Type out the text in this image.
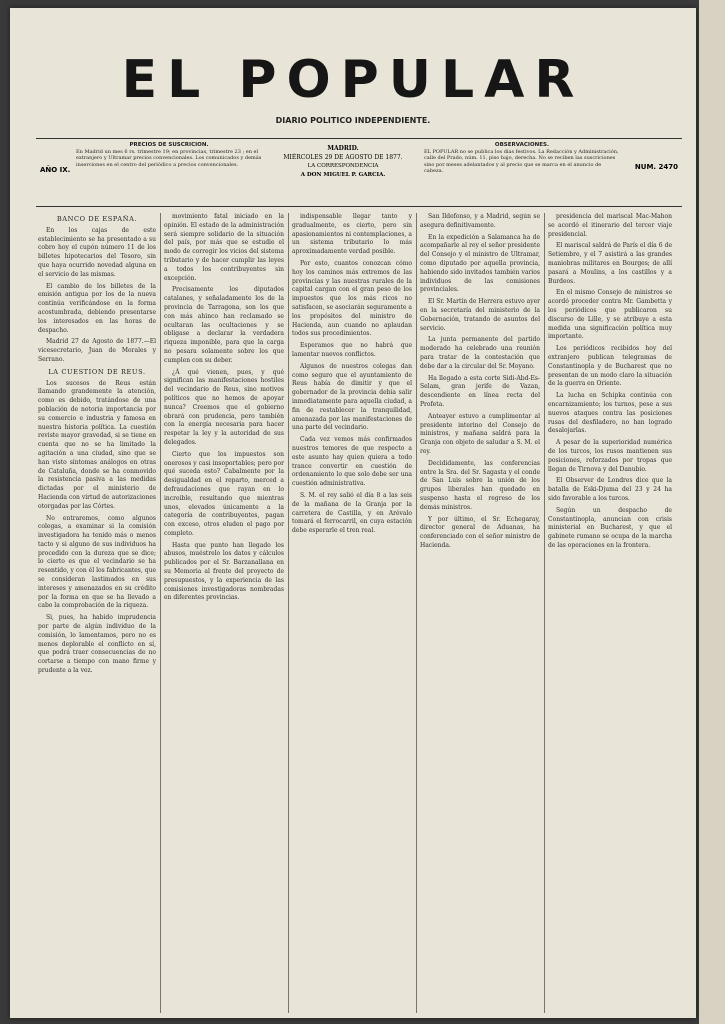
EL POPULAR
DIARIO POLITICO INDEPENDIENTE.
AÑO IX.	NUM. 2470
PRECIOS DE SUSCRICION.
En Madrid un mes 6 rs. trimestre 19; en provincias, trimestre 23 ; en el extranjero y Ultramar precios convencionales. Los comunicados y demás inserciones en el centro del periódico a precios convencionales.
MADRID.
MIÉRCOLES 29 DE AGOSTO DE 1877.
LA CORRESPONDENCIA
A DON MIGUEL P. GARCIA.
OBSERVACIONES.
EL POPULAR no se publica los días festivos. La Redacción y Administración, calle del Prado, núm. 11, piso bajo, derecha. No se reciben las suscriciones sino por meses adelantados y al precio que se marca en el anuncio de cabeza.
BANCO DE ESPAÑA.

En los cajas de este establecimiento se ha presentado a su cobro hoy el cupón número 11 de los billetes hipotecarios del Tesoro, sin que haya ocurrido novedad alguna en el servicio de las mismas.

El cambio de los billetes de la emisión antigua por los de la nueva continúa verificándose en la forma acostumbrada, debiendo presentarse los interesados en las horas de despacho.

Madrid 27 de Agosto de 1877.—El vicesecretario, Juan de Morales y Serrano.

LA CUESTION DE REUS.

Los sucesos de Reus están llamando grandemente la atención, como es debido, tratándose de una población de notoria importancia por su comercio e industria y famosa en nuestra historia política. La cuestión reviste mayor gravedad, si se tiene en cuenta que no se ha limitado la agitación a una ciudad, sino que se han visto síntomas análogos en otras de Cataluña, donde se ha conmovido la resistencia pasiva a las medidas dictadas por el ministerio de Hacienda con virtud de autorizaciones otorgadas por las Córtes.

No entraremos, como algunos colegas, a examinar si la comisión investigadora ha tenido más o menos tacto y si alguno de sus individuos ha procedido con la dureza que se dice; lo cierto es que el vecindario se ha resentido, y con él los fabricantes, que se consideran lastimados en sus intereses y amenazados en su crédito por la forma en que se ha llevado a cabo la comprobación de la riqueza.

Si, pues, ha habido imprudencia por parte de algún individuo de la comisión, lo lamentamos, pero no es menos deplorable el conflicto en sí, que podrá traer consecuencias de no cortarse a tiempo con mano firme y prudente a la vez.

movimiento fatal iniciado en la opinión. El estado de la administración será siempre solidario de la situación del país, por más que se estudie el modo de corregir los vicios del sistema tributario y de hacer cumplir las leyes a todos los contribuyentes sin excepción.

Precisamente los diputados catalanes, y señaladamente los de la provincia de Tarragona, son los que con más ahinco han reclamado se ocultaran las ocultaciones y se obligase a declarar la verdadera riqueza imponible, para que la carga no pesara solamente sobre los que cumplen con su deber.

¿Á qué vienen, pues, y qué significan las manifestaciones hostiles del vecindario de Reus, sino motivos políticos que no hemos de apoyar nunca? Creemos que el gobierno obrará con prudencia, pero también con la energía necesaria para hacer respetar la ley y la autoridad de sus delegados.

Cierto que los impuestos son onerosos y casi insoportables; pero por qué suceda esto? Cabalmente por la desigualdad en el reparto, merced a defraudaciones que rayan en lo increible, resultando que mientras unos, elevados únicamente a la categoría de contribuyentes, pagan con exceso, otros eluden el pago por completo.

Hasta que punto han llegado los abusos, muéstrelo los datos y cálculos publicados por el Sr. Barzanallana en su Memoria al frente del proyecto de presupuestos, y la experiencia de las comisiones investigadoras nombradas en diferentes provincias.

indispensable llegar tanto y gradualmente, es cierto, pero sin apasionamientos ni contemplaciones, a un sistema tributario lo más aproximadamente verdad posible.

Por esto, cuantos conozcan cómo hoy los caminos más extremos de las provincias y las nuestras rurales de la capital cargan con el gran peso de los impuestos que los más ricos no satisfacen, se asociarán seguramente a los propósitos del ministro de Hacienda, aun cuando no aplaudan todos sus procedimientos.

Esperamos que no habrá que lamentar nuevos conflictos.

Algunos de nuestros colegas dan como seguro que el ayuntamiento de Reus había de dimitir y que el gobernador de la provincia debía salir inmediatamente para aquella ciudad, a fin de restablecer la tranquilidad, amenazada por las manifestaciones de una parte del vecindario.

Cada vez vemos más confirmados nuestros temores de que respecto a este asunto hay quien quiera a todo trance convertir en cuestión de ordenamiento lo que solo debe ser una cuestión administrativa.

S. M. el rey salió el día 8 a las seis de la mañana de la Granja por la carretera de Castilla, y en Arévalo tomará el ferrocarril, en cuya estación debe esperarle el tren real.

San Ildefonso, y a Madrid, según se asegura definitivamente.

En la expedición a Salamanca ha de acompañarle al rey el señor presidente del Consejo y el ministro de Ultramar, como diputado por aquella provincia, habiendo sido invitados también varios individuos de las comisiones provinciales.

El Sr. Martín de Herrera estuvo ayer en la secretaría del ministerio de la Gobernación, tratando de asuntos del servicio.

La junta permanente del partido moderado ha celebrado una reunión para tratar de la contestación que debe dar a la circular del Sr. Moyano.

Ha llegado a esta corte Sidi-Abd-Es-Selam, gran jerife de Vazan, descendiente en línea recta del Profeta.

Anteayer estuvo a cumplimentar al presidente interino del Consejo de ministros, y mañana saldrá para la Granja con objeto de saludar a S. M. el rey.

Decididamente, las conferencias entre la Sra. del Sr. Sagasta y el conde de San Luis sobre la unión de los grupos liberales han quedado en suspenso hasta el regreso de los demás ministros.

Y por último, el Sr. Echegaray, director general de Aduanas, ha conferenciado con el señor ministro de Hacienda.

presidencia del mariscal Mac-Mahon se acordó el itinerario del tercer viaje presidencial.

El mariscal saldrá de París el día 6 de Setiembre, y el 7 asistirá a las grandes maniobras militares en Bourges; de allí pasará a Moulins, a los castillos y a Burdeos.

En el mismo Consejo de ministros se acordó proceder contra Mr. Gambetta y los periódicos que publicaron su discurso de Lille, y se atribuye a esta medida una significación política muy importante.

Los periódicos recibidos hoy del extranjero publican telegramas de Constantinopla y de Bucharest que no presentan de un modo claro la situación de la guerra en Oriente.

La lucha en Schipka continúa con encarnizamiento; los turnos, pese a sus nuevos ataques contra las posiciones rusas del desfiladero, no han logrado desalojarlas.

A pesar de la superioridad numérica de los turcos, los rusos mantienen sus posiciones, reforzados por tropas que llegan de Tirnova y del Danubio.

El Observer de Londres dice que la batalla de Eski-Djuma del 23 y 24 ha sido favorable a los turcos.

Según un despacho de Constantinopla, anuncian con crisis ministerial en Bucharest, y que el gabinete rumano se ocupa de la marcha de las operaciones en la frontera.
